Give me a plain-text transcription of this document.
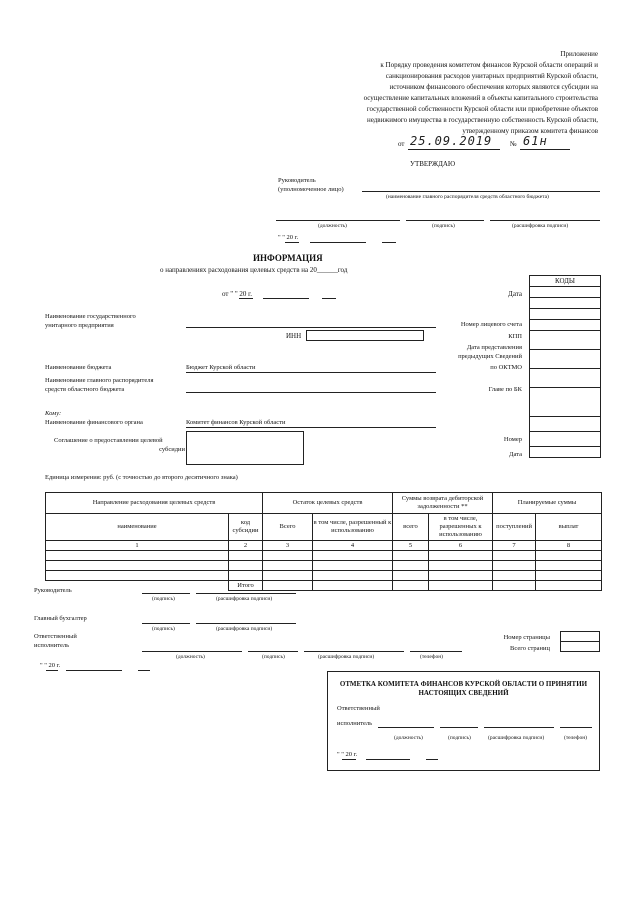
Приложение
к Порядку проведения комитетом финансов Курской области операций и
санкционирования расходов унитарных предприятий Курской области,
источником финансового обеспечения которых являются субсидии на
осуществление капитальных вложений в объекты капитального строительства
государственной собственности Курской области или приобретение объектов
недвижимого имущества в государственную собственность Курской области,
утвержденному приказом комитета финансов
от 25.09.2019	№ 61н
УТВЕРЖДАЮ
Руководитель
(уполномоченное лицо)
(наименование главного распорядителя средств областного бюджета)
(должность)	(подпись)	(расшифровка подписи)
" " 20 г.
ИНФОРМАЦИЯ
о направлениях расходования целевых средств на 20______год
от " " 20 г.
КОДЫ

Дата
Наименование государственного
унитарного предприятия
ИНН
Номер лицевого счета
КПП
Дата представления
предыдущих Сведений
по ОКТМО
Наименование бюджета	Бюджет Курской области
Наименование главного распорядителя
средств областного бюджета	Главе по БК
Кому:
Наименование финансового органа	Комитет финансов Курской области
Соглашение о предоставлении целевой
субсидии
Номер
Дата
Единица измерения: руб. (с точностью до второго десятичного знака)
Направление расходования целевых средств		Остаток целевых средств		Суммы возврата дебиторской задолженности **		Планируемые суммы	
наименование	код субсидии	Всего	в том числе, разрешенный к использованию	всего	в том числе, разрешенных к использованию	поступлений	выплат
1	2	3	4	5	6	7	8

	Итого						
Руководитель
(подпись)	(расшифровка подписи)
Главный бухгалтер
(подпись)	(расшифровка подписи)
Ответственный
исполнитель
(должность)	(подпись)	(расшифровка подписи)	(телефон)
" " 20 г.
Номер страницы
Всего страниц
ОТМЕТКА КОМИТЕТА ФИНАНСОВ КУРСКОЙ ОБЛАСТИ О ПРИНЯТИИ
НАСТОЯЩИХ СВЕДЕНИЙ
Ответственный
исполнитель
(должность)	(подпись)	(расшифровка подписи)	(телефон)
" " 20 г.
